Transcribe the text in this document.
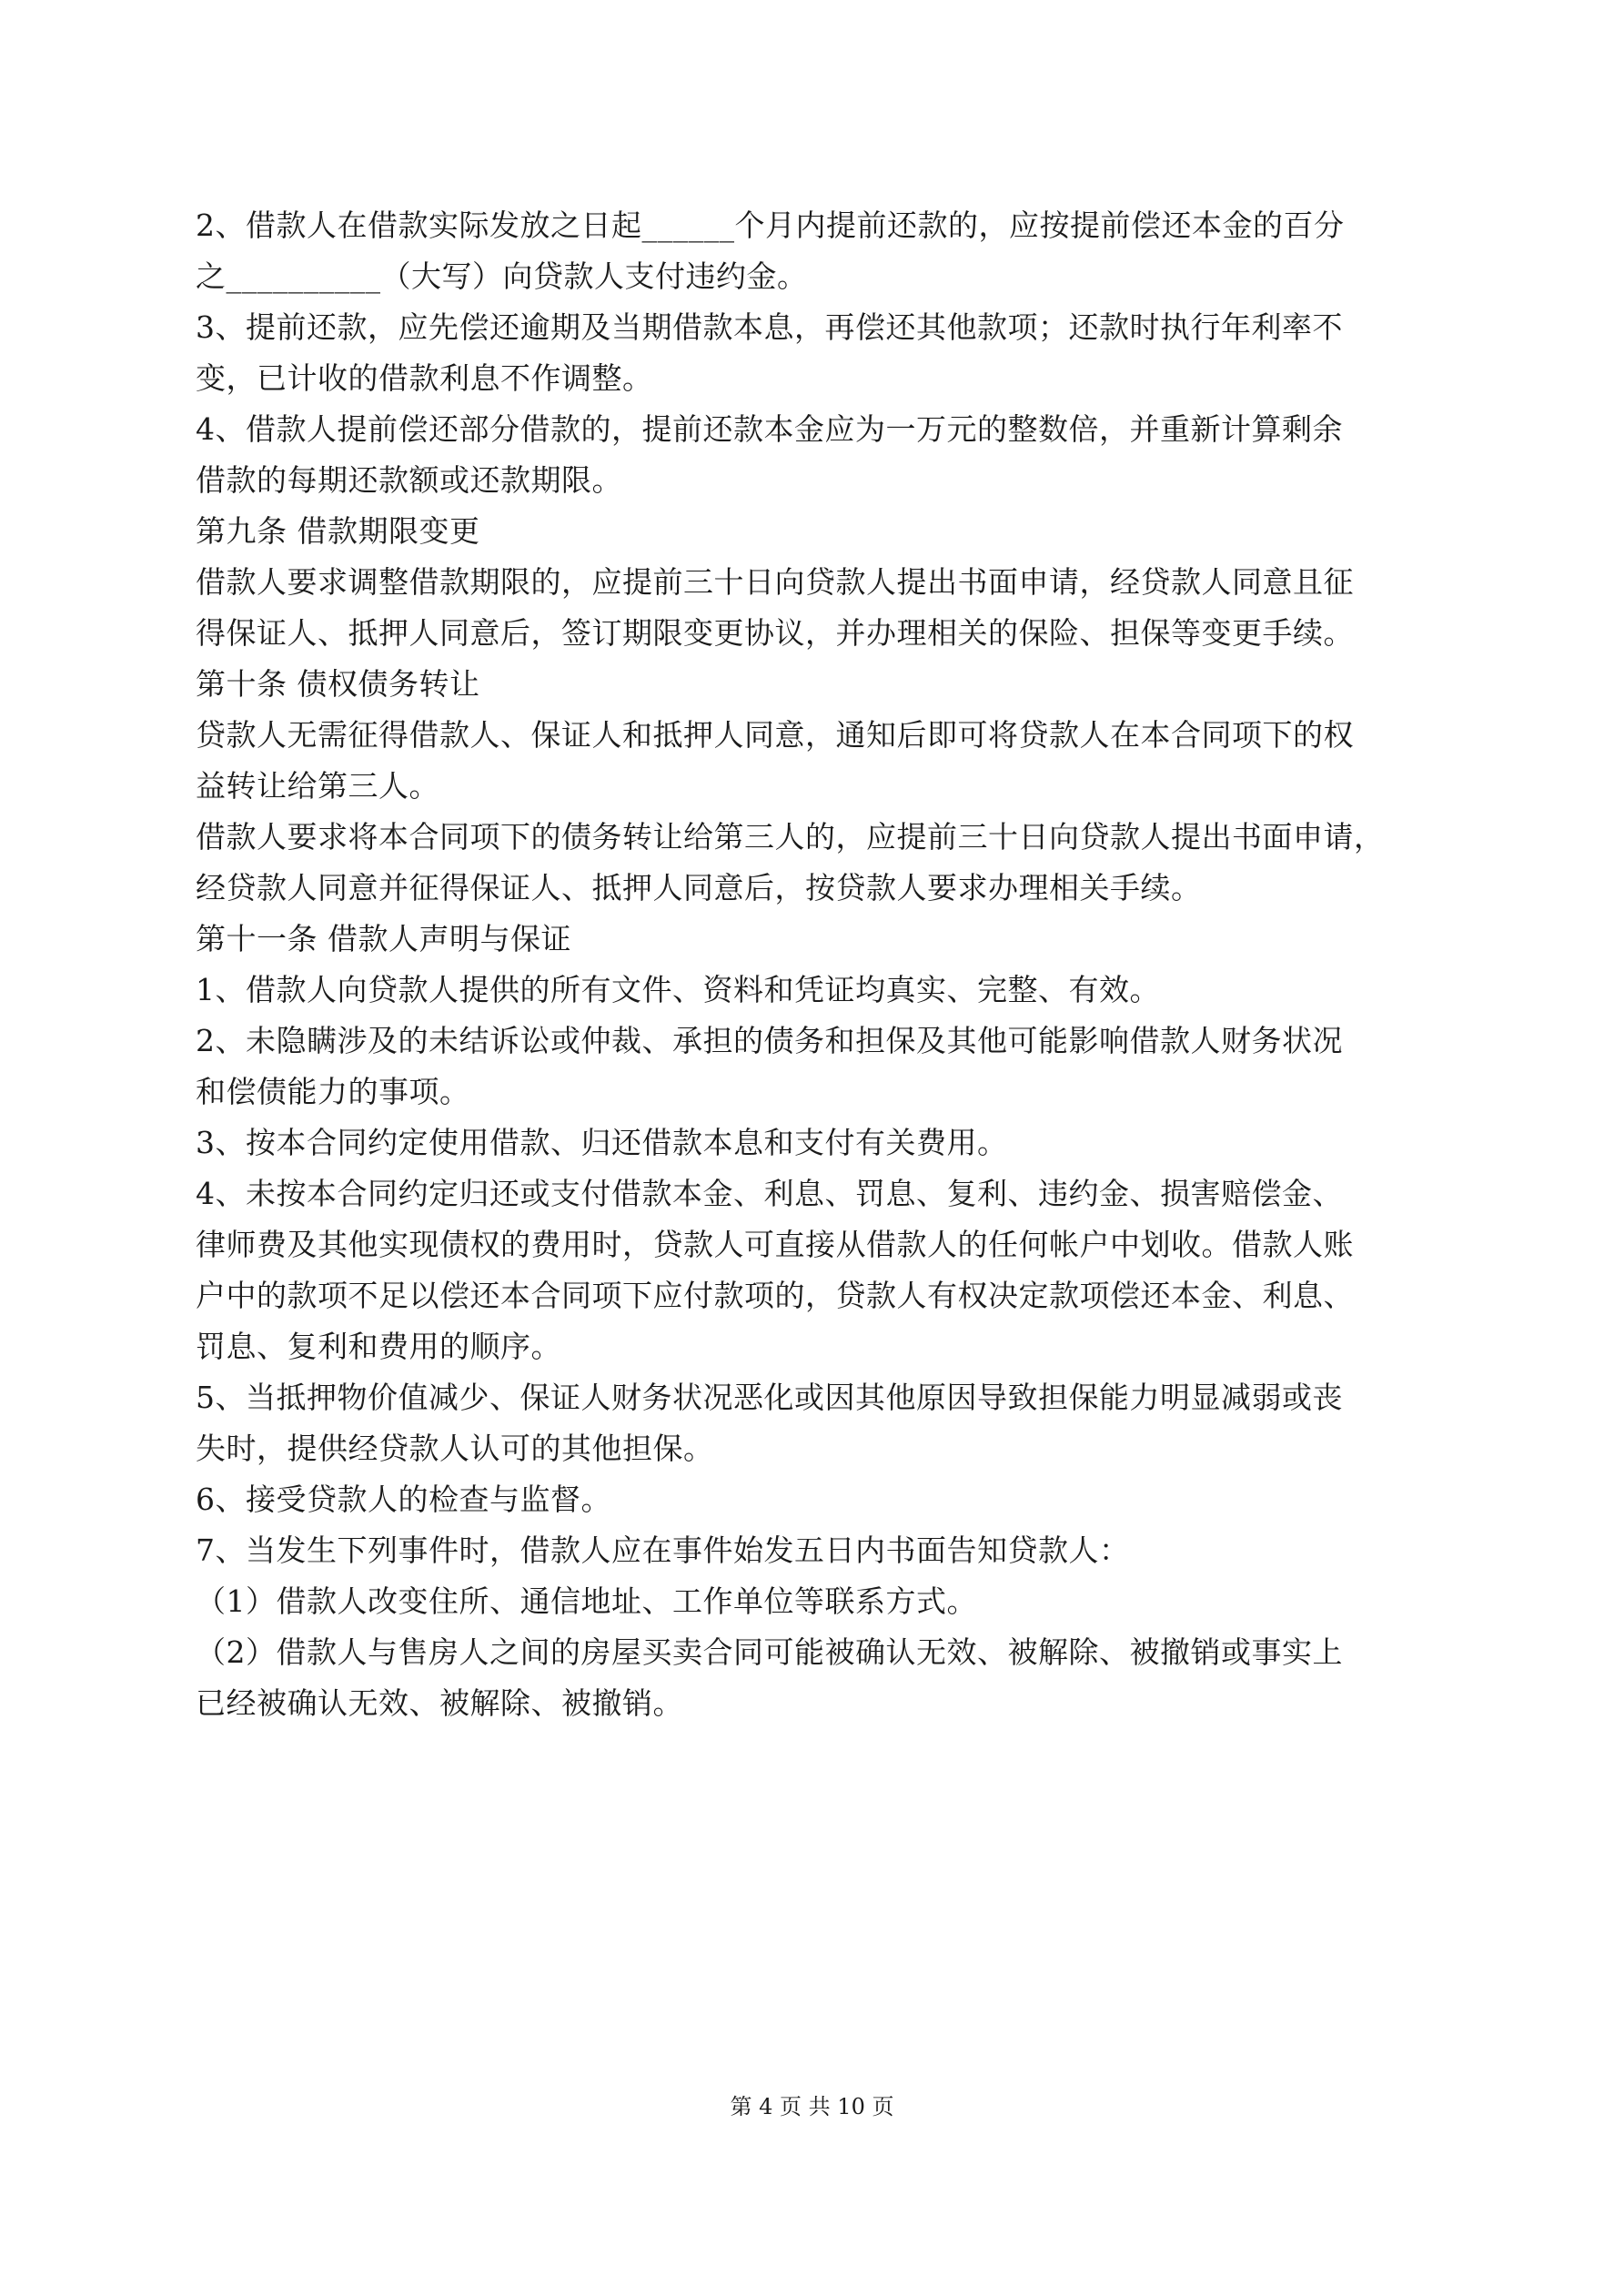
2、借款人在借款实际发放之日起______个月内提前还款的，应按提前偿还本金的百分
之__________（大写）向贷款人支付违约金。
3、提前还款，应先偿还逾期及当期借款本息，再偿还其他款项；还款时执行年利率不
变，已计收的借款利息不作调整。
4、借款人提前偿还部分借款的，提前还款本金应为一万元的整数倍，并重新计算剩余
借款的每期还款额或还款期限。
第九条 借款期限变更
借款人要求调整借款期限的，应提前三十日向贷款人提出书面申请，经贷款人同意且征
得保证人、抵押人同意后，签订期限变更协议，并办理相关的保险、担保等变更手续。
第十条 债权债务转让
贷款人无需征得借款人、保证人和抵押人同意，通知后即可将贷款人在本合同项下的权
益转让给第三人。
借款人要求将本合同项下的债务转让给第三人的，应提前三十日向贷款人提出书面申请，
经贷款人同意并征得保证人、抵押人同意后，按贷款人要求办理相关手续。
第十一条 借款人声明与保证
1、借款人向贷款人提供的所有文件、资料和凭证均真实、完整、有效。
2、未隐瞒涉及的未结诉讼或仲裁、承担的债务和担保及其他可能影响借款人财务状况
和偿债能力的事项。
3、按本合同约定使用借款、归还借款本息和支付有关费用。
4、未按本合同约定归还或支付借款本金、利息、罚息、复利、违约金、损害赔偿金、
律师费及其他实现债权的费用时，贷款人可直接从借款人的任何帐户中划收。借款人账
户中的款项不足以偿还本合同项下应付款项的，贷款人有权决定款项偿还本金、利息、
罚息、复利和费用的顺序。
5、当抵押物价值减少、保证人财务状况恶化或因其他原因导致担保能力明显减弱或丧
失时，提供经贷款人认可的其他担保。
6、接受贷款人的检查与监督。
7、当发生下列事件时，借款人应在事件始发五日内书面告知贷款人：
（1）借款人改变住所、通信地址、工作单位等联系方式。
（2）借款人与售房人之间的房屋买卖合同可能被确认无效、被解除、被撤销或事实上
已经被确认无效、被解除、被撤销。
第 4 页 共 10 页
